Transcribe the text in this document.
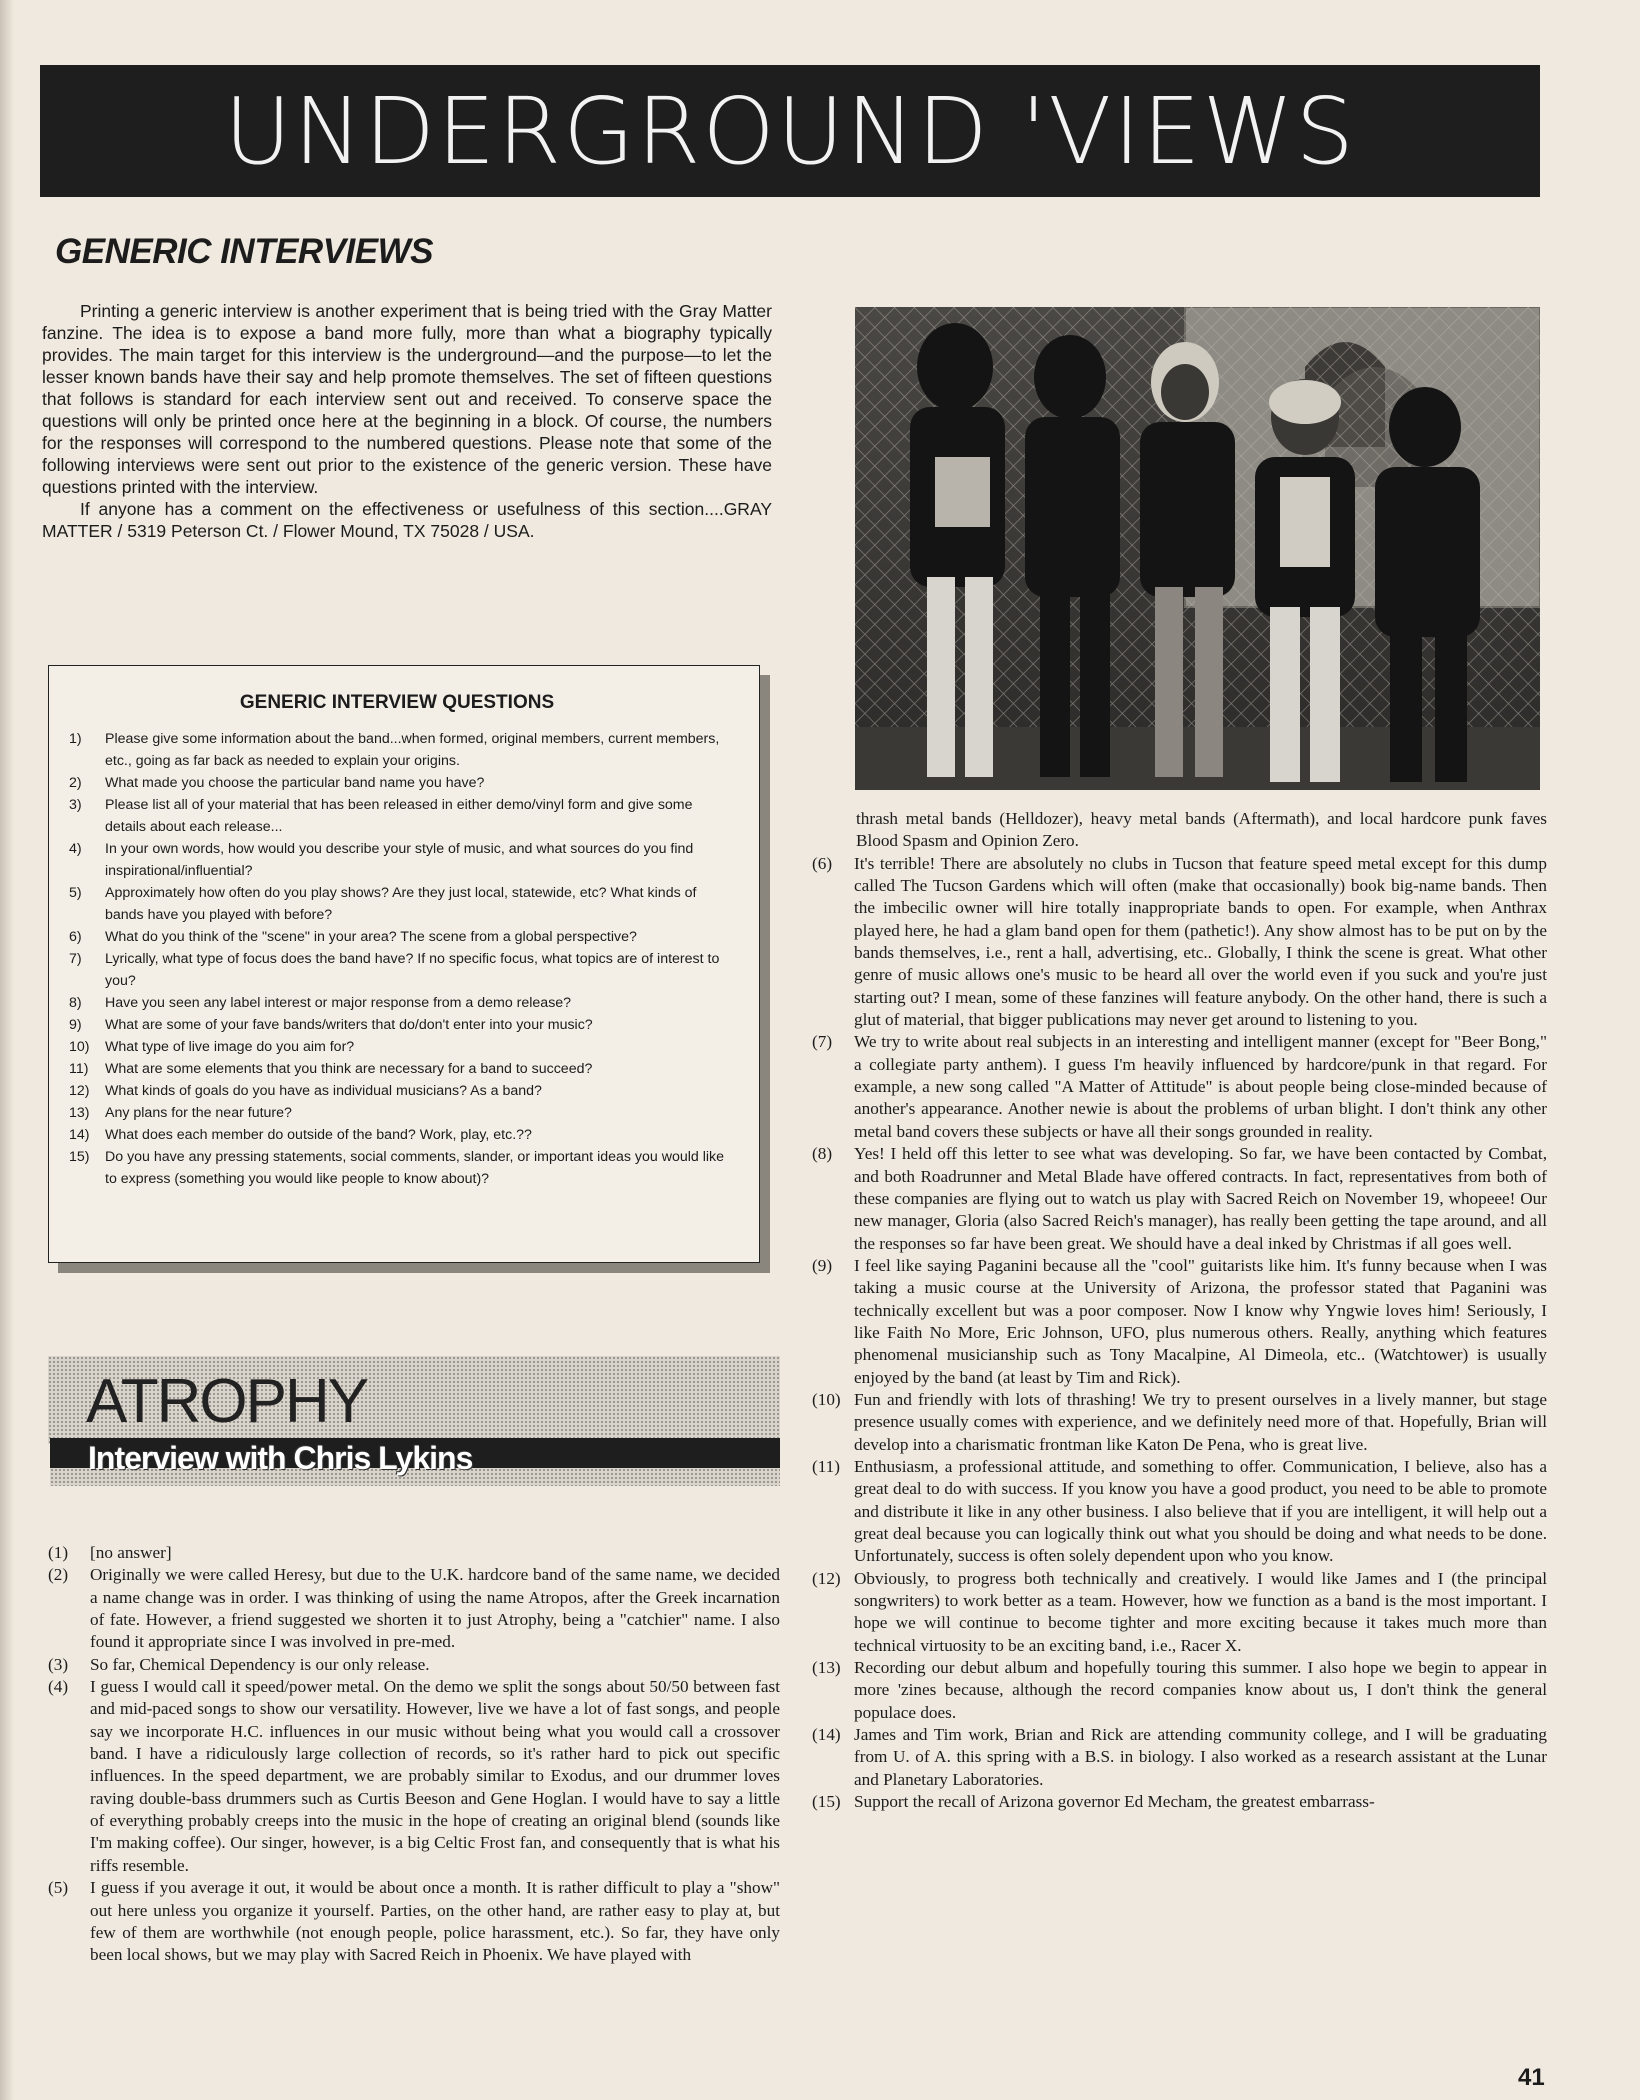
UNDERGROUND 'VIEWS
GENERIC INTERVIEWS

Printing a generic interview is another experiment that is being tried with the Gray Matter fanzine. The idea is to expose a band more fully, more than what a biography typically provides. The main target for this interview is the underground—and the purpose—to let the lesser known bands have their say and help promote themselves. The set of fifteen questions that follows is standard for each interview sent out and received. To conserve space the questions will only be printed once here at the beginning in a block. Of course, the numbers for the responses will correspond to the numbered questions. Please note that some of the following interviews were sent out prior to the existence of the generic version. These have questions printed with the interview.

If anyone has a comment on the effectiveness or usefulness of this section....GRAY MATTER / 5319 Peterson Ct. / Flower Mound, TX 75028 / USA.

GENERIC INTERVIEW QUESTIONS
1)	Please give some information about the band...when formed, original members, current members, etc., going as far back as needed to explain your origins.
2)	What made you choose the particular band name you have?
3)	Please list all of your material that has been released in either demo/vinyl form and give some details about each release...
4)	In your own words, how would you describe your style of music, and what sources do you find inspirational/influential?
5)	Approximately how often do you play shows? Are they just local, statewide, etc? What kinds of bands have you played with before?
6)	What do you think of the "scene" in your area? The scene from a global perspective?
7)	Lyrically, what type of focus does the band have? If no specific focus, what topics are of interest to you?
8)	Have you seen any label interest or major response from a demo release?
9)	What are some of your fave bands/writers that do/don't enter into your music?
10)	What type of live image do you aim for?
11)	What are some elements that you think are necessary for a band to succeed?
12)	What kinds of goals do you have as individual musicians? As a band?
13)	Any plans for the near future?
14)	What does each member do outside of the band? Work, play, etc.??
15)	Do you have any pressing statements, social comments, slander, or important ideas you would like to express (something you would like people to know about)?
ATROPHY
Interview with Chris Lykins
(1)	[no answer]
(2)	Originally we were called Heresy, but due to the U.K. hardcore band of the same name, we decided a name change was in order. I was thinking of using the name Atropos, after the Greek incarnation of fate. However, a friend suggested we shorten it to just Atrophy, being a "catchier" name. I also found it appropriate since I was involved in pre-med.
(3)	So far, Chemical Dependency is our only release.
(4)	I guess I would call it speed/power metal. On the demo we split the songs about 50/50 between fast and mid-paced songs to show our versatility. However, live we have a lot of fast songs, and people say we incorporate H.C. influences in our music without being what you would call a crossover band. I have a ridiculously large collection of records, so it's rather hard to pick out specific influences. In the speed department, we are probably similar to Exodus, and our drummer loves raving double-bass drummers such as Curtis Beeson and Gene Hoglan. I would have to say a little of everything probably creeps into the music in the hope of creating an original blend (sounds like I'm making coffee). Our singer, however, is a big Celtic Frost fan, and consequently that is what his riffs resemble.
(5)	I guess if you average it out, it would be about once a month. It is rather difficult to play a "show" out here unless you organize it yourself. Parties, on the other hand, are rather easy to play at, but few of them are worthwhile (not enough people, police harassment, etc.). So far, they have only been local shows, but we may play with Sacred Reich in Phoenix. We have played with
thrash metal bands (Helldozer), heavy metal bands (Aftermath), and local hardcore punk faves Blood Spasm and Opinion Zero.
(6)	It's terrible! There are absolutely no clubs in Tucson that feature speed metal except for this dump called The Tucson Gardens which will often (make that occasionally) book big-name bands. Then the imbecilic owner will hire totally inappropriate bands to open. For example, when Anthrax played here, he had a glam band open for them (pathetic!). Any show almost has to be put on by the bands themselves, i.e., rent a hall, advertising, etc.. Globally, I think the scene is great. What other genre of music allows one's music to be heard all over the world even if you suck and you're just starting out? I mean, some of these fanzines will feature anybody. On the other hand, there is such a glut of material, that bigger publications may never get around to listening to you.
(7)	We try to write about real subjects in an interesting and intelligent manner (except for "Beer Bong," a collegiate party anthem). I guess I'm heavily influenced by hardcore/punk in that regard. For example, a new song called "A Matter of Attitude" is about people being close-minded because of another's appearance. Another newie is about the problems of urban blight. I don't think any other metal band covers these subjects or have all their songs grounded in reality.
(8)	Yes! I held off this letter to see what was developing. So far, we have been contacted by Combat, and both Roadrunner and Metal Blade have offered contracts. In fact, representatives from both of these companies are flying out to watch us play with Sacred Reich on November 19, whopeee! Our new manager, Gloria (also Sacred Reich's manager), has really been getting the tape around, and all the responses so far have been great. We should have a deal inked by Christmas if all goes well.
(9)	I feel like saying Paganini because all the "cool" guitarists like him. It's funny because when I was taking a music course at the University of Arizona, the professor stated that Paganini was technically excellent but was a poor composer. Now I know why Yngwie loves him! Seriously, I like Faith No More, Eric Johnson, UFO, plus numerous others. Really, anything which features phenomenal musicianship such as Tony Macalpine, Al Dimeola, etc.. (Watchtower) is usually enjoyed by the band (at least by Tim and Rick).
(10) Fun and friendly with lots of thrashing! We try to present ourselves in a lively manner, but stage presence usually comes with experience, and we definitely need more of that. Hopefully, Brian will develop into a charismatic frontman like Katon De Pena, who is great live.
(11) Enthusiasm, a professional attitude, and something to offer. Communication, I believe, also has a great deal to do with success. If you know you have a good product, you need to be able to promote and distribute it like in any other business. I also believe that if you are intelligent, it will help out a great deal because you can logically think out what you should be doing and what needs to be done. Unfortunately, success is often solely dependent upon who you know.
(12) Obviously, to progress both technically and creatively. I would like James and I (the principal songwriters) to work better as a team. However, how we function as a band is the most important. I hope we will continue to become tighter and more exciting because it takes much more than technical virtuosity to be an exciting band, i.e., Racer X.
(13) Recording our debut album and hopefully touring this summer. I also hope we begin to appear in more 'zines because, although the record companies know about us, I don't think the general populace does.
(14) James and Tim work, Brian and Rick are attending community college, and I will be graduating from U. of A. this spring with a B.S. in biology. I also worked as a research assistant at the Lunar and Planetary Laboratories.
(15) Support the recall of Arizona governor Ed Mecham, the greatest embarrass-
41
